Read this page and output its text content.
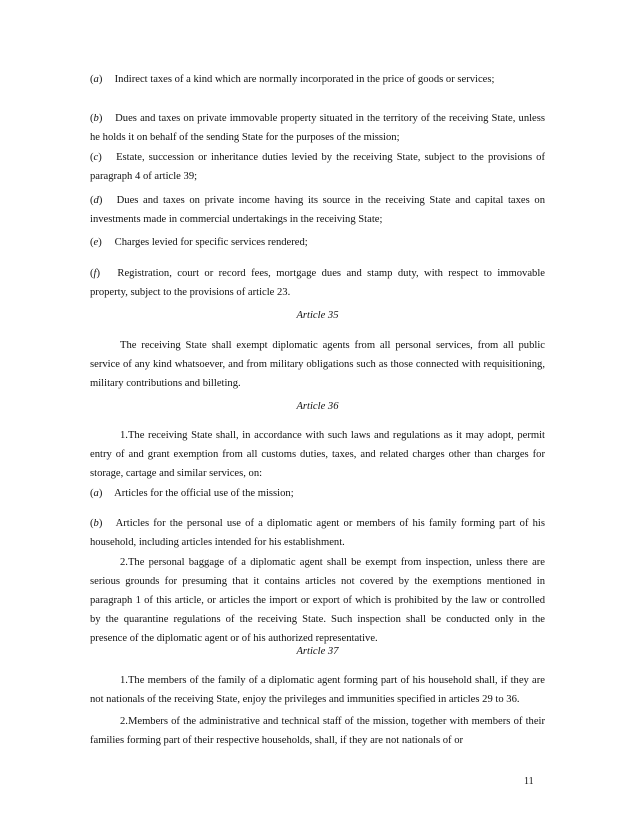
(a) Indirect taxes of a kind which are normally incorporated in the price of goods or services;
(b) Dues and taxes on private immovable property situated in the territory of the receiving State, unless he holds it on behalf of the sending State for the purposes of the mission;
(c) Estate, succession or inheritance duties levied by the receiving State, subject to the provisions of paragraph 4 of article 39;
(d) Dues and taxes on private income having its source in the receiving State and capital taxes on investments made in commercial undertakings in the receiving State;
(e) Charges levied for specific services rendered;
(f) Registration, court or record fees, mortgage dues and stamp duty, with respect to immovable property, subject to the provisions of article 23.
Article 35
The receiving State shall exempt diplomatic agents from all personal services, from all public service of any kind whatsoever, and from military obligations such as those connected with requisitioning, military contributions and billeting.
Article 36
1.The receiving State shall, in accordance with such laws and regulations as it may adopt, permit entry of and grant exemption from all customs duties, taxes, and related charges other than charges for storage, cartage and similar services, on:
(a) Articles for the official use of the mission;
(b) Articles for the personal use of a diplomatic agent or members of his family forming part of his household, including articles intended for his establishment.
2.The personal baggage of a diplomatic agent shall be exempt from inspection, unless there are serious grounds for presuming that it contains articles not covered by the exemptions mentioned in paragraph 1 of this article, or articles the import or export of which is prohibited by the law or controlled by the quarantine regulations of the receiving State. Such inspection shall be conducted only in the presence of the diplomatic agent or of his authorized representative.
Article 37
1.The members of the family of a diplomatic agent forming part of his household shall, if they are not nationals of the receiving State, enjoy the privileges and immunities specified in articles 29 to 36.
2.Members of the administrative and technical staff of the mission, together with members of their families forming part of their respective households, shall, if they are not nationals of or
11
